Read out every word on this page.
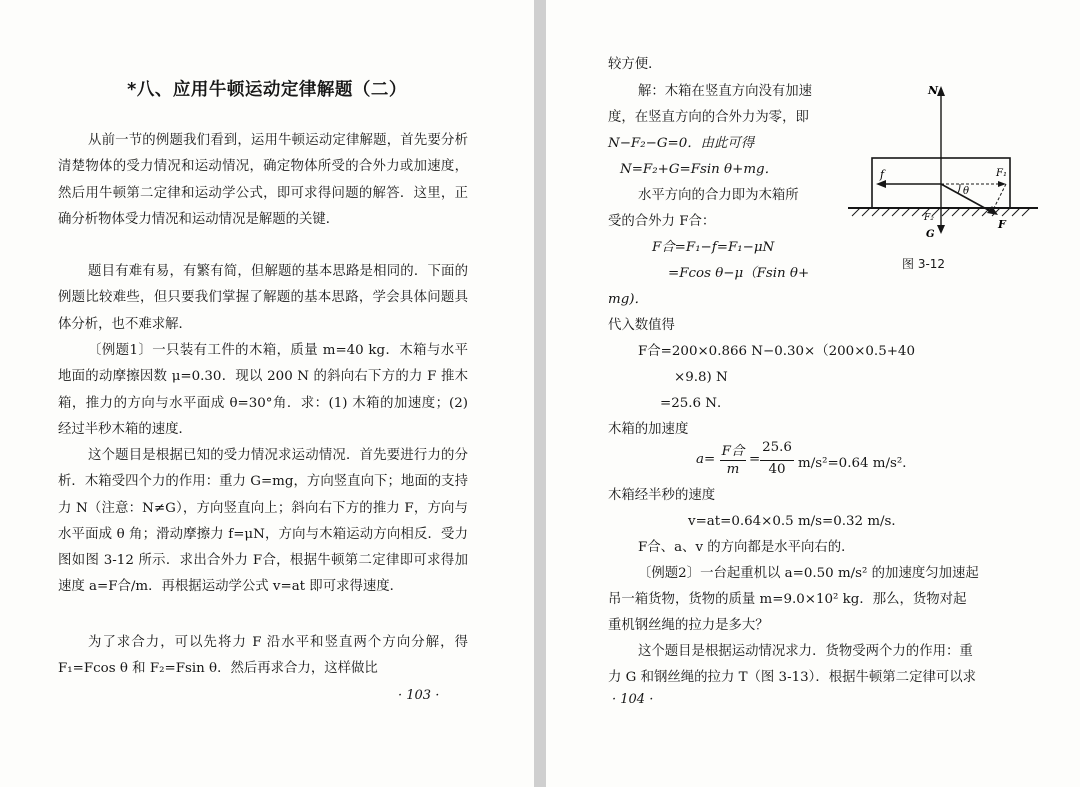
*八、应用牛顿运动定律解题（二）

从前一节的例题我们看到，运用牛顿运动定律解题，首先要分析清楚物体的受力情况和运动情况，确定物体所受的合外力或加速度，然后用牛顿第二定律和运动学公式，即可求得问题的解答．这里，正确分析物体受力情况和运动情况是解题的关键．

题目有难有易，有繁有简，但解题的基本思路是相同的．下面的例题比较难些，但只要我们掌握了解题的基本思路，学会具体问题具体分析，也不难求解．

〔例题1〕一只装有工件的木箱，质量 m=40 kg．木箱与水平地面的动摩擦因数 μ=0.30．现以 200 N 的斜向右下方的力 F 推木箱，推力的方向与水平面成 θ=30°角．求：(1) 木箱的加速度；(2) 经过半秒木箱的速度．

这个题目是根据已知的受力情况求运动情况．首先要进行力的分析．木箱受四个力的作用：重力 G=mg，方向竖直向下；地面的支持力 N（注意：N≠G），方向竖直向上；斜向右下方的推力 F，方向与水平面成 θ 角；滑动摩擦力 f=μN，方向与木箱运动方向相反．受力图如图 3-12 所示．求出合外力 F合，根据牛顿第二定律即可求得加速度 a=F合/m．再根据运动学公式 v=at 即可求得速度．

为了求合力，可以先将力 F 沿水平和竖直两个方向分解，得 F₁=Fcos θ 和 F₂=Fsin θ．然后再求合力，这样做比

· 103 ·

较方便．

解：木箱在竖直方向没有加速

度，在竖直方向的合外力为零，即

N−F₂−G=0．由此可得

N=F₂+G=Fsin θ+mg．

水平方向的合力即为木箱所

受的合外力 F合：

F合=F₁−f=F₁−μN

=Fcos θ−μ（Fsin θ+

mg)．

代入数值得

F合=200×0.866 N−0.30×（200×0.5+40

×9.8) N

=25.6 N．

木箱的加速度

a=
F合
m
=
25.6
40 m/s²=0.64 m/s²．

木箱经半秒的速度

v=at=0.64×0.5 m/s=0.32 m/s．

F合、a、v 的方向都是水平向右的．

〔例题2〕一台起重机以 a=0.50 m/s² 的加速度匀加速起

吊一箱货物，货物的质量 m=9.0×10² kg．那么，货物对起

重机钢丝绳的拉力是多大？

这个题目是根据运动情况求力．货物受两个力的作用：重

力 G 和钢丝绳的拉力 T（图 3-13）．根据牛顿第二定律可以求

N
f	F₁
F
θ
F₂
G
图 3-12
· 104 ·
